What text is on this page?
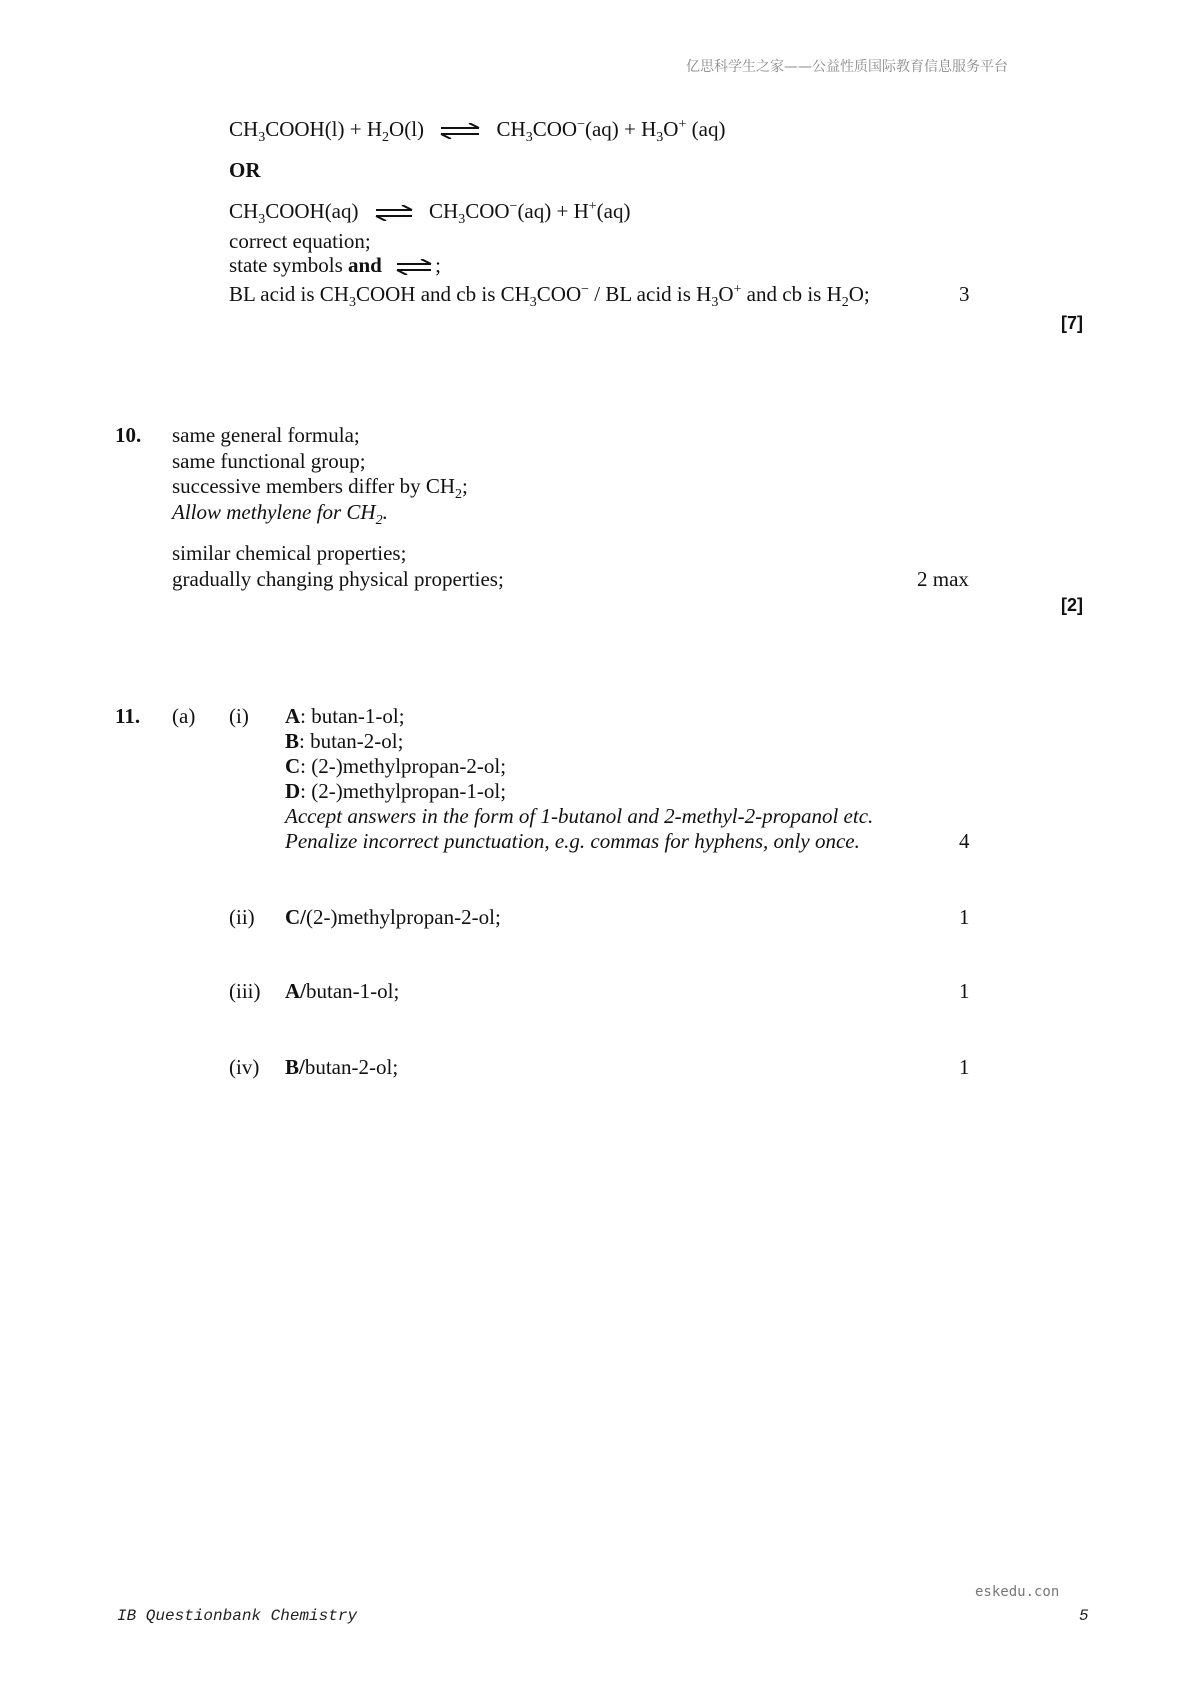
亿思科学生之家——公益性质国际教育信息服务平台
$CH_3COOH(l) + H_2O(l)$ ⇌ $CH_3COO^-(aq) + H_3O^+$ (aq)
OR
$CH_3COOH(aq)$ ⇌ $CH_3COO^-(aq) + H^+(aq)$
correct equation;
state symbols and ⇌ ;
BL acid is $CH_3COOH$ and cb is $CH_3COO^-$ / BL acid is $H_3O^+$ and cb is $H_2O$;	3
[7]
10. same general formula;
same functional group;
successive members differ by $CH_2$;
Allow methylene for $CH_2$.
similar chemical properties;
gradually changing physical properties;	2 max
[2]
11. (a) (i) A: butan-1-ol;
B: butan-2-ol;
C: (2-)methylpropan-2-ol;
D: (2-)methylpropan-1-ol;
Accept answers in the form of 1-butanol and 2-methyl-2-propanol etc.
Penalize incorrect punctuation, e.g. commas for hyphens, only once.	4
(ii) C/(2-)methylpropan-2-ol;	1
(iii) A/butan-1-ol;	1
(iv) B/butan-2-ol;	1
eskedu.con
IB Questionbank Chemistry	5
